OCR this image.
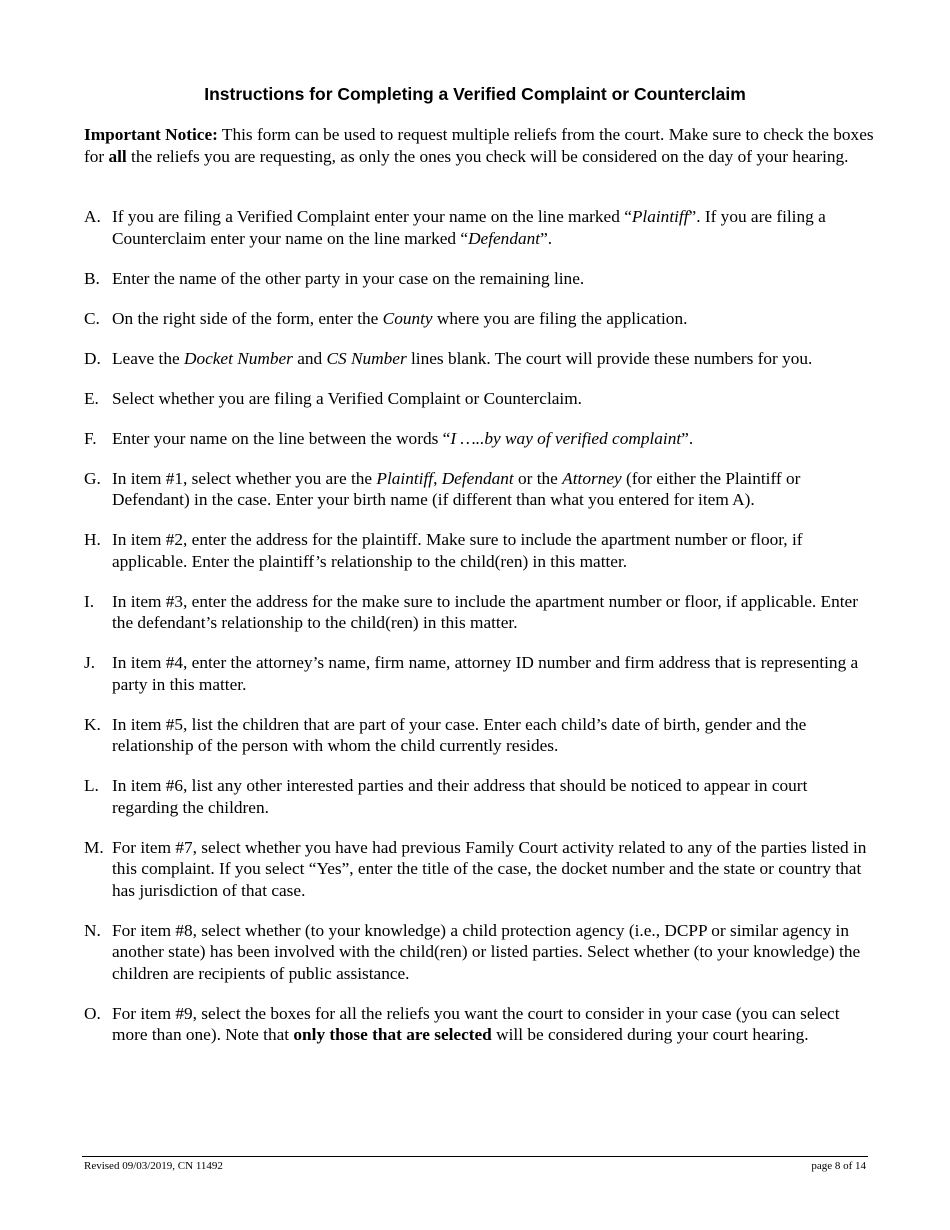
Instructions for Completing a Verified Complaint or Counterclaim

Important Notice: This form can be used to request multiple reliefs from the court. Make sure to check the boxes for all the reliefs you are requesting, as only the ones you check will be considered on the day of your hearing.

A. If you are filing a Verified Complaint enter your name on the line marked “Plaintiff”. If you are filing a Counterclaim enter your name on the line marked “Defendant”.
B. Enter the name of the other party in your case on the remaining line.
C. On the right side of the form, enter the County where you are filing the application.
D. Leave the Docket Number and CS Number lines blank. The court will provide these numbers for you.
E. Select whether you are filing a Verified Complaint or Counterclaim.
F. Enter your name on the line between the words “I …..by way of verified complaint”.
G. In item #1, select whether you are the Plaintiff, Defendant or the Attorney (for either the Plaintiff or Defendant) in the case. Enter your birth name (if different than what you entered for item A).
H. In item #2, enter the address for the plaintiff. Make sure to include the apartment number or floor, if applicable. Enter the plaintiff’s relationship to the child(ren) in this matter.
I. In item #3, enter the address for the make sure to include the apartment number or floor, if applicable. Enter the defendant’s relationship to the child(ren) in this matter.
J. In item #4, enter the attorney’s name, firm name, attorney ID number and firm address that is representing a party in this matter.
K. In item #5, list the children that are part of your case. Enter each child’s date of birth, gender and the relationship of the person with whom the child currently resides.
L. In item #6, list any other interested parties and their address that should be noticed to appear in court regarding the children.
M. For item #7, select whether you have had previous Family Court activity related to any of the parties listed in this complaint. If you select “Yes”, enter the title of the case, the docket number and the state or country that has jurisdiction of that case.
N. For item #8, select whether (to your knowledge) a child protection agency (i.e., DCPP or similar agency in another state) has been involved with the child(ren) or listed parties. Select whether (to your knowledge) the children are recipients of public assistance.
O. For item #9, select the boxes for all the reliefs you want the court to consider in your case (you can select more than one). Note that only those that are selected will be considered during your court hearing.
Revised 09/03/2019, CN 11492	page 8 of 14
